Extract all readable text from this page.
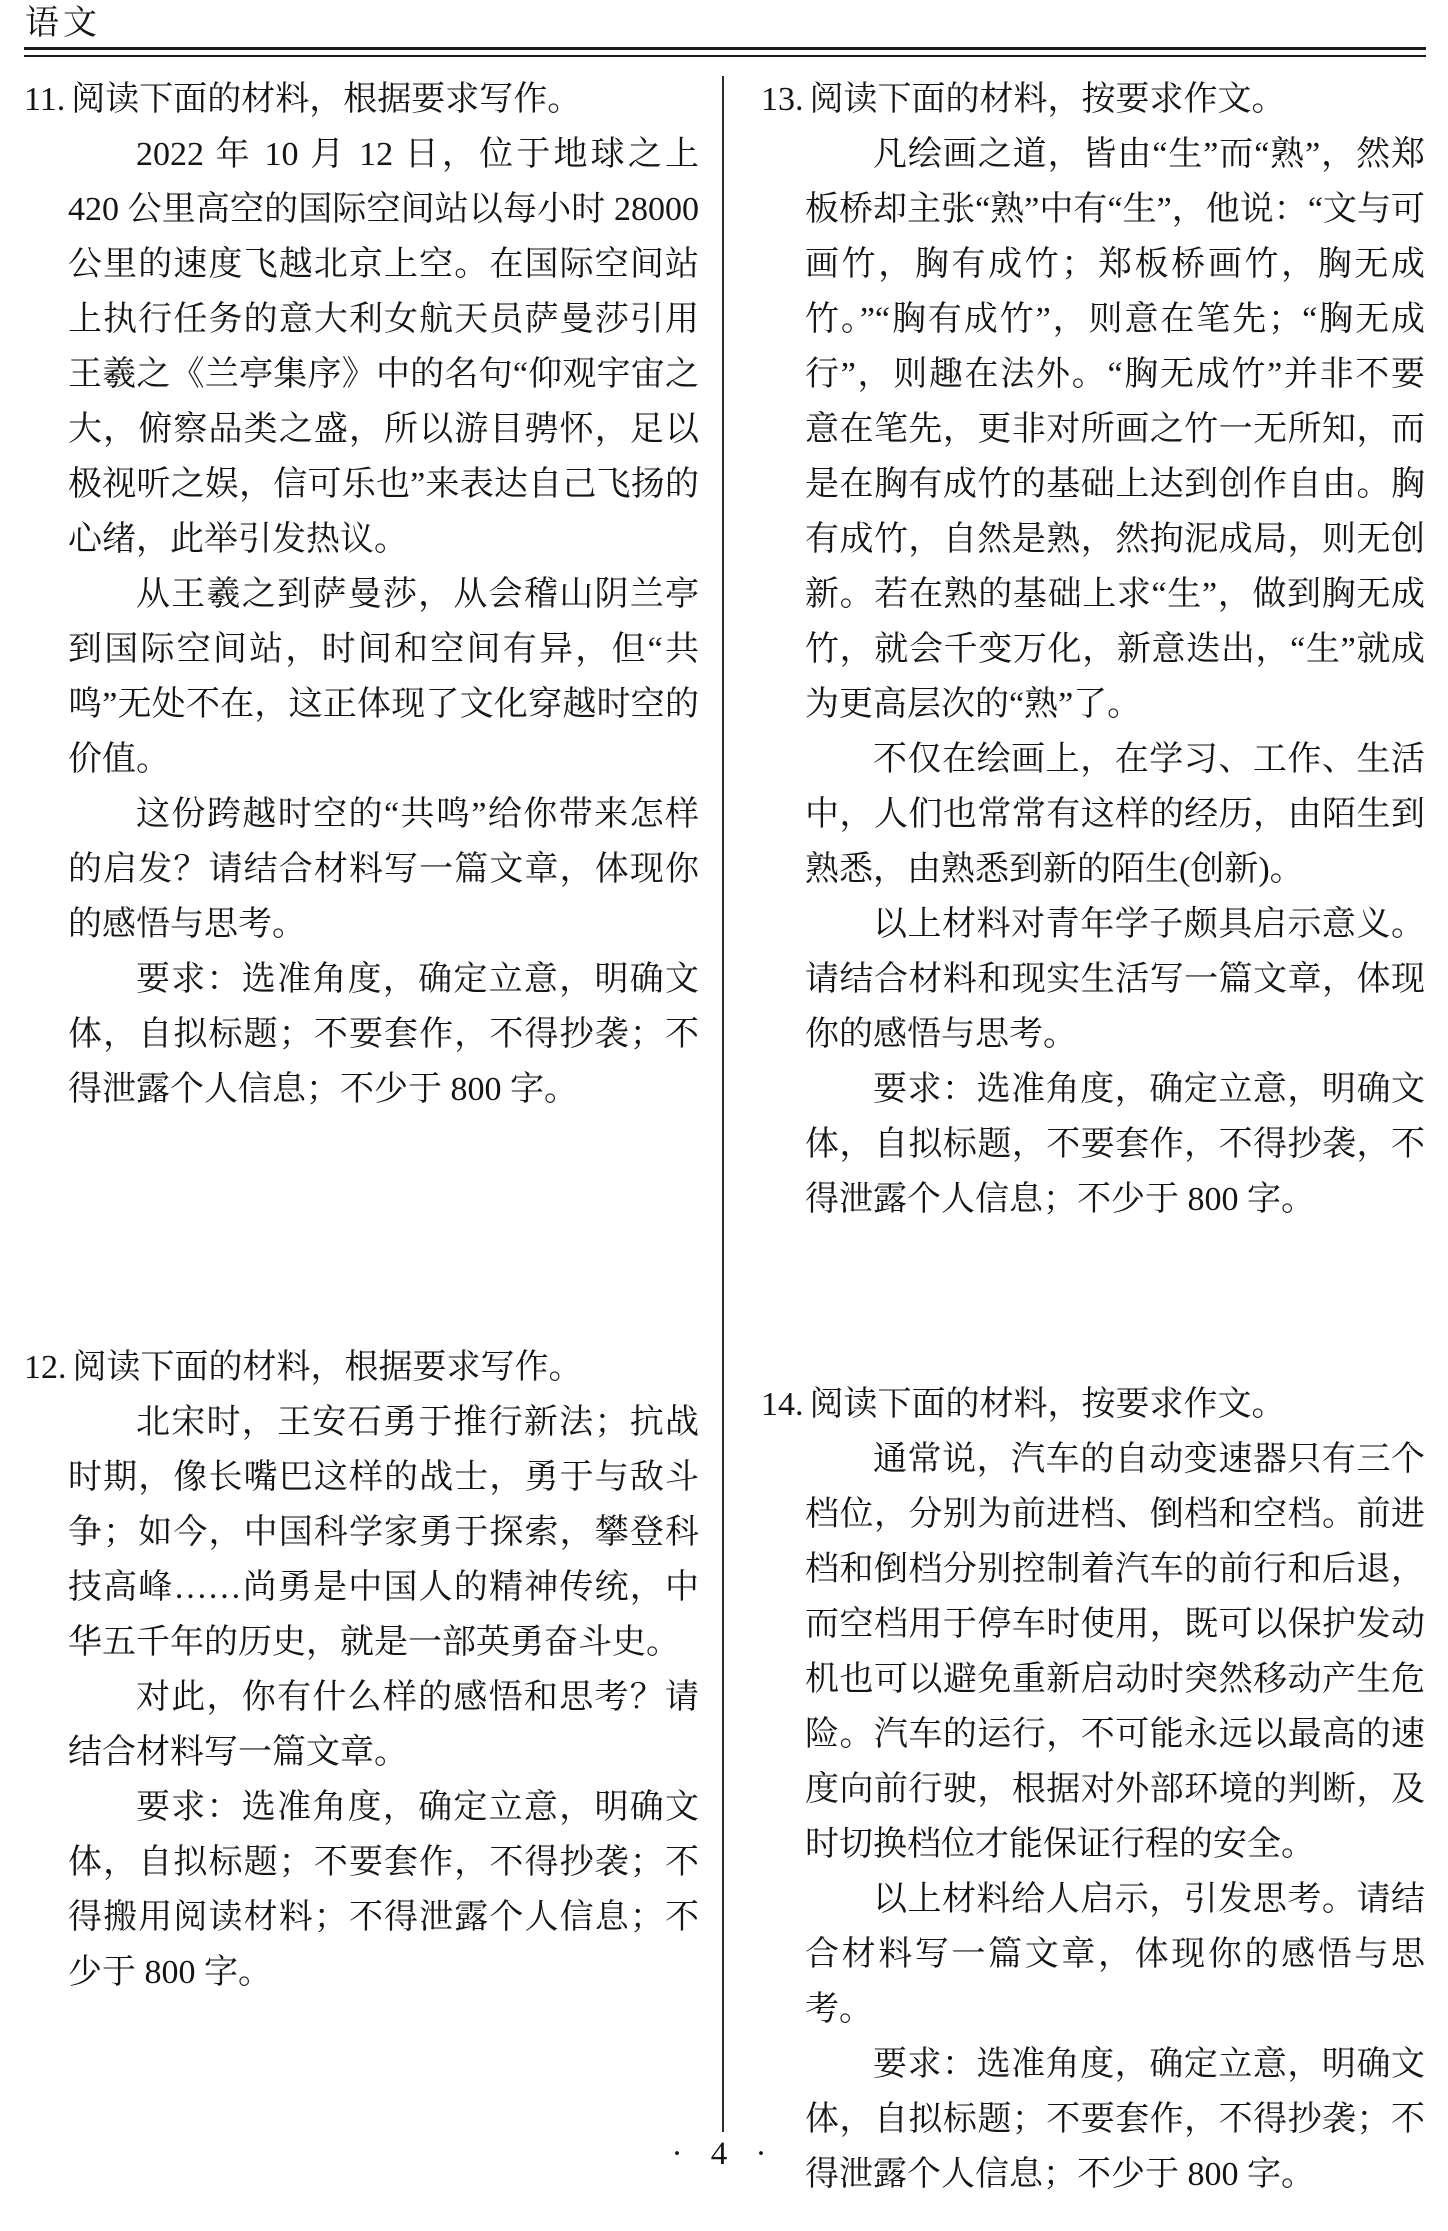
语文
11. 阅读下面的材料，根据要求写作。

2022 年 10 月 12 日，位于地球之上 420 公里高空的国际空间站以每小时 28000 公里的速度飞越北京上空。在国际空间站上执行任务的意大利女航天员萨曼莎引用王羲之《兰亭集序》中的名句“仰观宇宙之大，俯察品类之盛，所以游目骋怀，足以极视听之娱，信可乐也”来表达自己飞扬的心绪，此举引发热议。

从王羲之到萨曼莎，从会稽山阴兰亭到国际空间站，时间和空间有异，但“共鸣”无处不在，这正体现了文化穿越时空的价值。

这份跨越时空的“共鸣”给你带来怎样的启发？请结合材料写一篇文章，体现你的感悟与思考。

要求：选准角度，确定立意，明确文体，自拟标题；不要套作，不得抄袭；不得泄露个人信息；不少于 800 字。

12. 阅读下面的材料，根据要求写作。

北宋时，王安石勇于推行新法；抗战时期，像长嘴巴这样的战士，勇于与敌斗争；如今，中国科学家勇于探索，攀登科技高峰……尚勇是中国人的精神传统，中华五千年的历史，就是一部英勇奋斗史。

对此，你有什么样的感悟和思考？请结合材料写一篇文章。

要求：选准角度，确定立意，明确文体，自拟标题；不要套作，不得抄袭；不得搬用阅读材料；不得泄露个人信息；不少于 800 字。

13. 阅读下面的材料，按要求作文。

凡绘画之道，皆由“生”而“熟”，然郑板桥却主张“熟”中有“生”，他说：“文与可画竹，胸有成竹；郑板桥画竹，胸无成竹。”“胸有成竹”，则意在笔先；“胸无成行”，则趣在法外。“胸无成竹”并非不要意在笔先，更非对所画之竹一无所知，而是在胸有成竹的基础上达到创作自由。胸有成竹，自然是熟，然拘泥成局，则无创新。若在熟的基础上求“生”，做到胸无成竹，就会千变万化，新意迭出，“生”就成为更高层次的“熟”了。

不仅在绘画上，在学习、工作、生活中，人们也常常有这样的经历，由陌生到熟悉，由熟悉到新的陌生(创新)。

以上材料对青年学子颇具启示意义。请结合材料和现实生活写一篇文章，体现你的感悟与思考。

要求：选准角度，确定立意，明确文体，自拟标题，不要套作，不得抄袭，不得泄露个人信息；不少于 800 字。

14. 阅读下面的材料，按要求作文。

通常说，汽车的自动变速器只有三个档位，分别为前进档、倒档和空档。前进档和倒档分别控制着汽车的前行和后退，而空档用于停车时使用，既可以保护发动机也可以避免重新启动时突然移动产生危险。汽车的运行，不可能永远以最高的速度向前行驶，根据对外部环境的判断，及时切换档位才能保证行程的安全。

以上材料给人启示，引发思考。请结合材料写一篇文章，体现你的感悟与思考。

要求：选准角度，确定立意，明确文体，自拟标题；不要套作，不得抄袭；不得泄露个人信息；不少于 800 字。

· 4 ·
